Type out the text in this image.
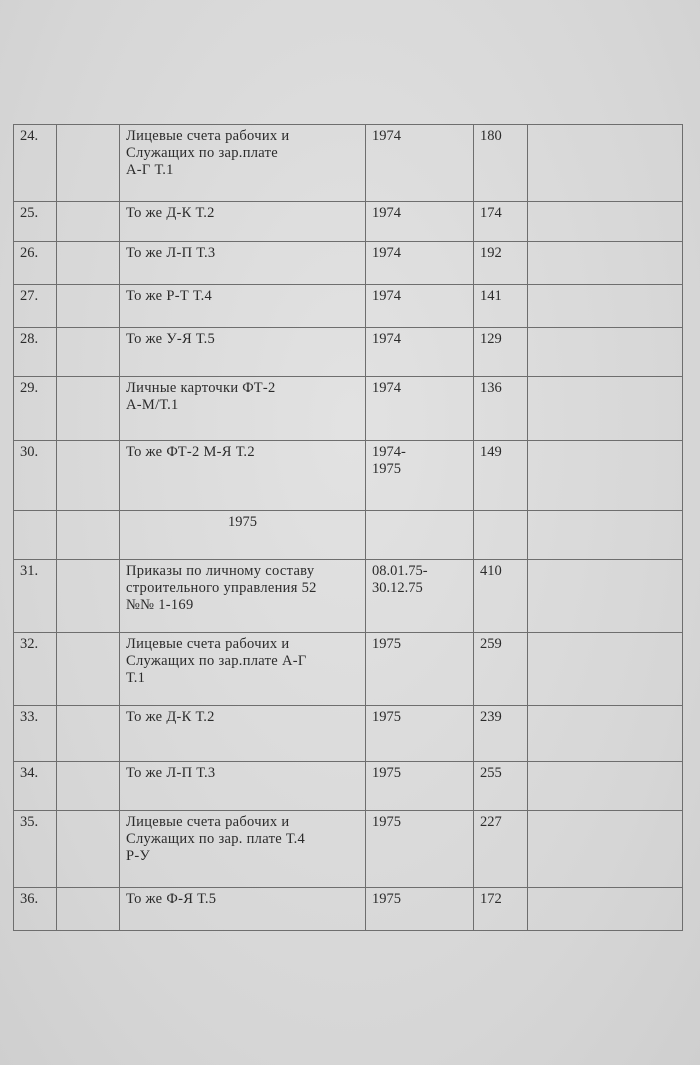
24.		Лицевые счета рабочих и
Служащих по зар.плате
А-Г Т.1	1974	180	
25.		То же Д-К Т.2	1974	174	
26.		То же Л-П Т.3	1974	192	
27.		То же Р-Т Т.4	1974	141	
28.		То же У-Я Т.5	1974	129	
29.		Личные карточки ФТ-2
А-М/Т.1	1974	136	
30.		То же ФТ-2 М-Я Т.2	1974-
1975	149	
		1975			
31.		Приказы по личному составу
строительного управления 52
№№ 1-169	08.01.75-
30.12.75	410	
32.		Лицевые счета рабочих и
Служащих по зар.плате А-Г
Т.1	1975	259	
33.		То же Д-К Т.2	1975	239	
34.		То же Л-П Т.3	1975	255	
35.		Лицевые счета рабочих и
Служащих по зар. плате Т.4
Р-У	1975	227	
36.		То же Ф-Я Т.5	1975	172	
